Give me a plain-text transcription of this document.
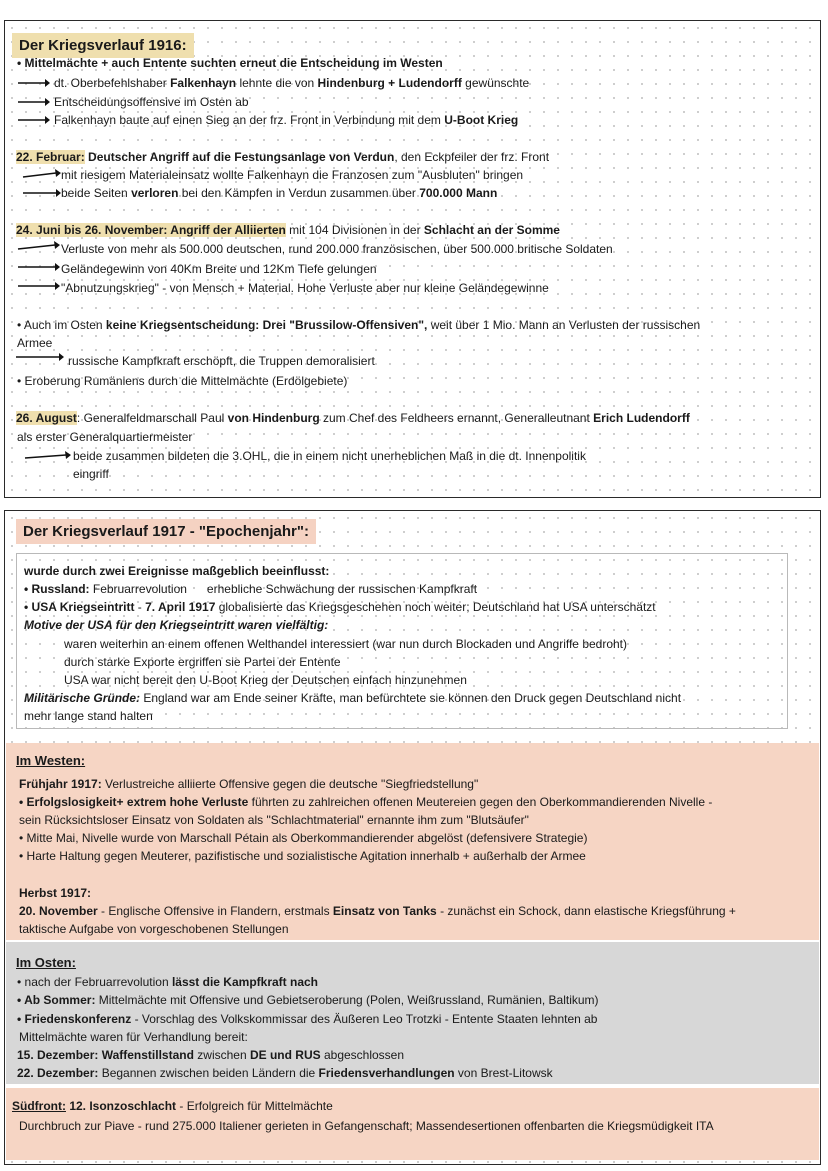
Der Kriegsverlauf 1916:
• Mittelmächte + auch Entente suchten erneut die Entscheidung im Westen
dt. Oberbefehlshaber Falkenhayn lehnte die von Hindenburg + Ludendorff gewünschte
Entscheidungsoffensive im Osten ab
Falkenhayn baute auf einen Sieg an der frz. Front in Verbindung mit dem U-Boot Krieg
22. Februar: Deutscher Angriff auf die Festungsanlage von Verdun, den Eckpfeiler der frz. Front
mit riesigem Materialeinsatz wollte Falkenhayn die Franzosen zum "Ausbluten" bringen
beide Seiten verloren bei den Kämpfen in Verdun zusammen über 700.000 Mann
24. Juni bis 26. November: Angriff der Alliierten mit 104 Divisionen in der Schlacht an der Somme
Verluste von mehr als 500.000 deutschen, rund 200.000 französischen, über 500.000 britische Soldaten
Geländegewinn von 40Km Breite und 12Km Tiefe gelungen
"Abnutzungskrieg" - von Mensch + Material. Hohe Verluste aber nur kleine Geländegewinne
• Auch im Osten keine Kriegsentscheidung: Drei "Brussilow-Offensiven", weit über 1 Mio. Mann an Verlusten der russischen
Armee
russische Kampfkraft erschöpft, die Truppen demoralisiert
• Eroberung Rumäniens durch die Mittelmächte (Erdölgebiete)
26. August: Generalfeldmarschall Paul von Hindenburg zum Chef des Feldheers ernannt, Generalleutnant Erich Ludendorff
als erster Generalquartiermeister
beide zusammen bildeten die 3.OHL, die in einem nicht unerheblichen Maß in die dt. Innenpolitik
eingriff
Der Kriegsverlauf 1917 - "Epochenjahr":
wurde durch zwei Ereignisse maßgeblich beeinflusst:
• Russland: Februarrevolution      erhebliche Schwächung der russischen Kampfkraft
• USA Kriegseintritt - 7. April 1917 globalisierte das Kriegsgeschehen noch weiter; Deutschland hat USA unterschätzt
Motive der USA für den Kriegseintritt waren vielfältig:
waren weiterhin an einem offenen Welthandel interessiert (war nun durch Blockaden und Angriffe bedroht)
durch starke Exporte ergriffen sie Partei der Entente
USA war nicht bereit den U-Boot Krieg der Deutschen einfach hinzunehmen
Militärische Gründe: England war am Ende seiner Kräfte, man befürchtete sie können den Druck gegen Deutschland nicht
mehr lange stand halten
Im Westen:
Frühjahr 1917: Verlustreiche alliierte Offensive gegen die deutsche "Siegfriedstellung"
• Erfolgslosigkeit+ extrem hohe Verluste führten zu zahlreichen offenen Meutereien gegen den Oberkommandierenden Nivelle -
sein Rücksichtsloser Einsatz von Soldaten als "Schlachtmaterial" ernannte ihm zum "Blutsäufer"
• Mitte Mai, Nivelle wurde von Marschall Pétain als Oberkommandierender abgelöst (defensivere Strategie)
• Harte Haltung gegen Meuterer, pazifistische und sozialistische Agitation innerhalb + außerhalb der Armee
Herbst 1917:
20. November - Englische Offensive in Flandern, erstmals Einsatz von Tanks - zunächst ein Schock, dann elastische Kriegsführung +
taktische Aufgabe von vorgeschobenen Stellungen
Im Osten:
• nach der Februarrevolution lässt die Kampfkraft nach
• Ab Sommer: Mittelmächte mit Offensive und Gebietseroberung (Polen, Weißrussland, Rumänien, Baltikum)
• Friedenskonferenz - Vorschlag des Volkskommissar des Äußeren Leo Trotzki - Entente Staaten lehnten ab
Mittelmächte waren für Verhandlung bereit:
15. Dezember: Waffenstillstand zwischen DE und RUS abgeschlossen
22. Dezember: Begannen zwischen beiden Ländern die Friedensverhandlungen von Brest-Litowsk
Südfront: 12. Isonzoschlacht - Erfolgreich für Mittelmächte
Durchbruch zur Piave - rund 275.000 Italiener gerieten in Gefangenschaft; Massendesertionen offenbarten die Kriegsmüdigkeit ITA
